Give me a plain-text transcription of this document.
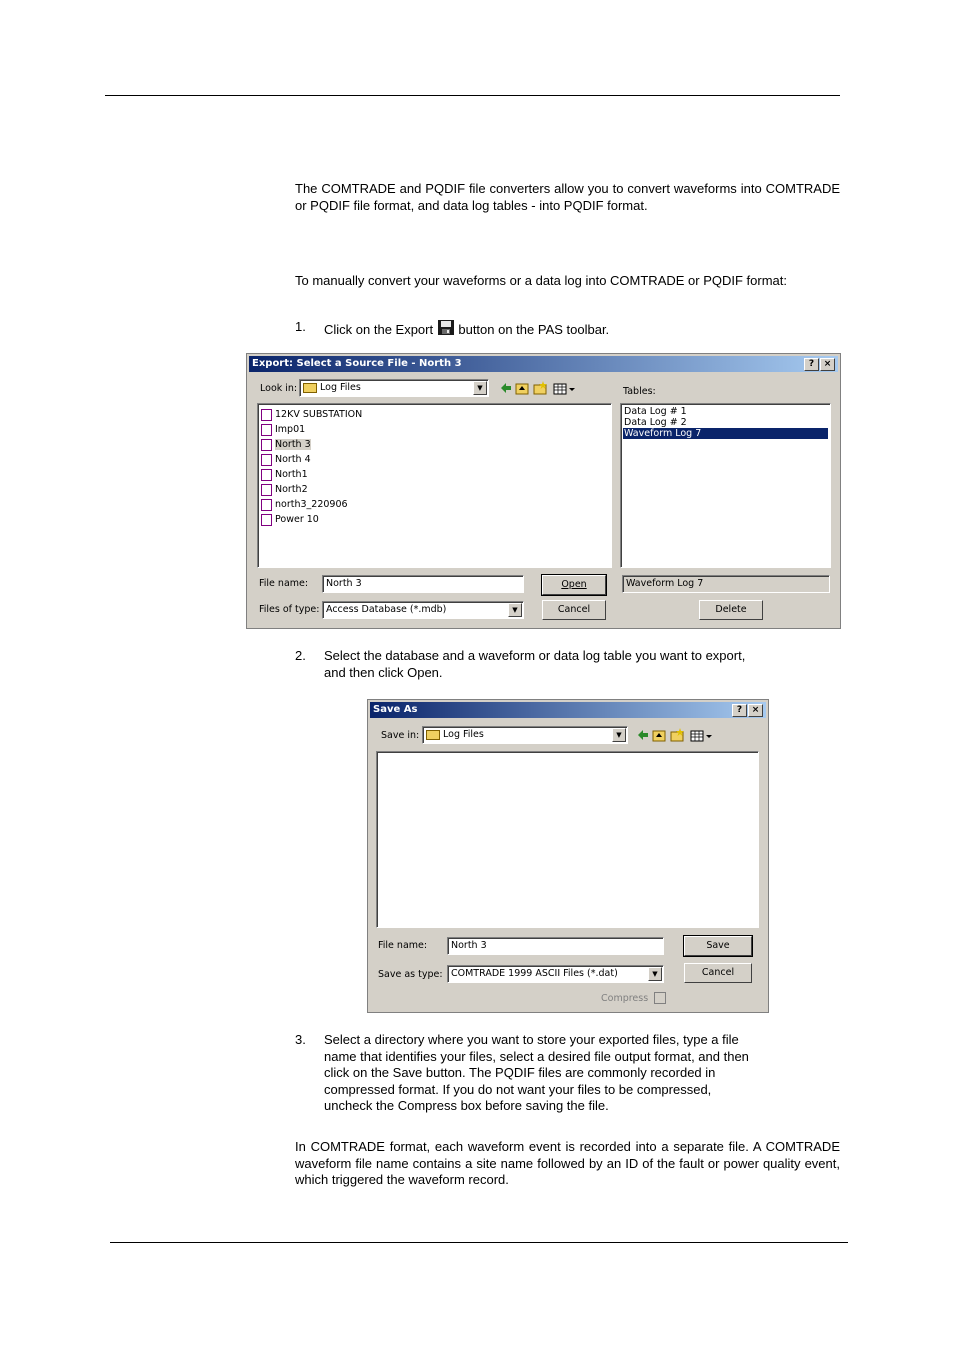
The COMTRADE and PQDIF file converters allow you to convert waveforms into COMTRADE or PQDIF file format, and data log tables - into PQDIF format.

To manually convert your waveforms or a data log into COMTRADE or PQDIF format:

1. Click on the Export button on the PAS toolbar.
Export: Select a Source File - North 3	?	×
Look in:	Log Files	▼	Tables:
12KV SUBSTATION
Imp01
North 3
North 4
North1
North2
north3_220906
Power 10
Data Log # 1
Data Log # 2
Waveform Log 7
File name: North 3	Open
Files of type: Access Database (*.mdb)	▼	Cancel
Waveform Log 7
Delete
2. Select the database and a waveform or data log table you want to export, and then click Open.
Save As	?	×
Save in:	Log Files	▼
File name:	North 3	Save
Save as type: COMTRADE 1999 ASCII Files (*.dat)	▼	Cancel
Compress
3. Select a directory where you want to store your exported files, type a file name that identifies your files, select a desired file output format, and then click on the Save button. The PQDIF files are commonly recorded in compressed format. If you do not want your files to be compressed, uncheck the Compress box before saving the file.

In COMTRADE format, each waveform event is recorded into a separate file. A COMTRADE waveform file name contains a site name followed by an ID of the fault or power quality event, which triggered the waveform record.
